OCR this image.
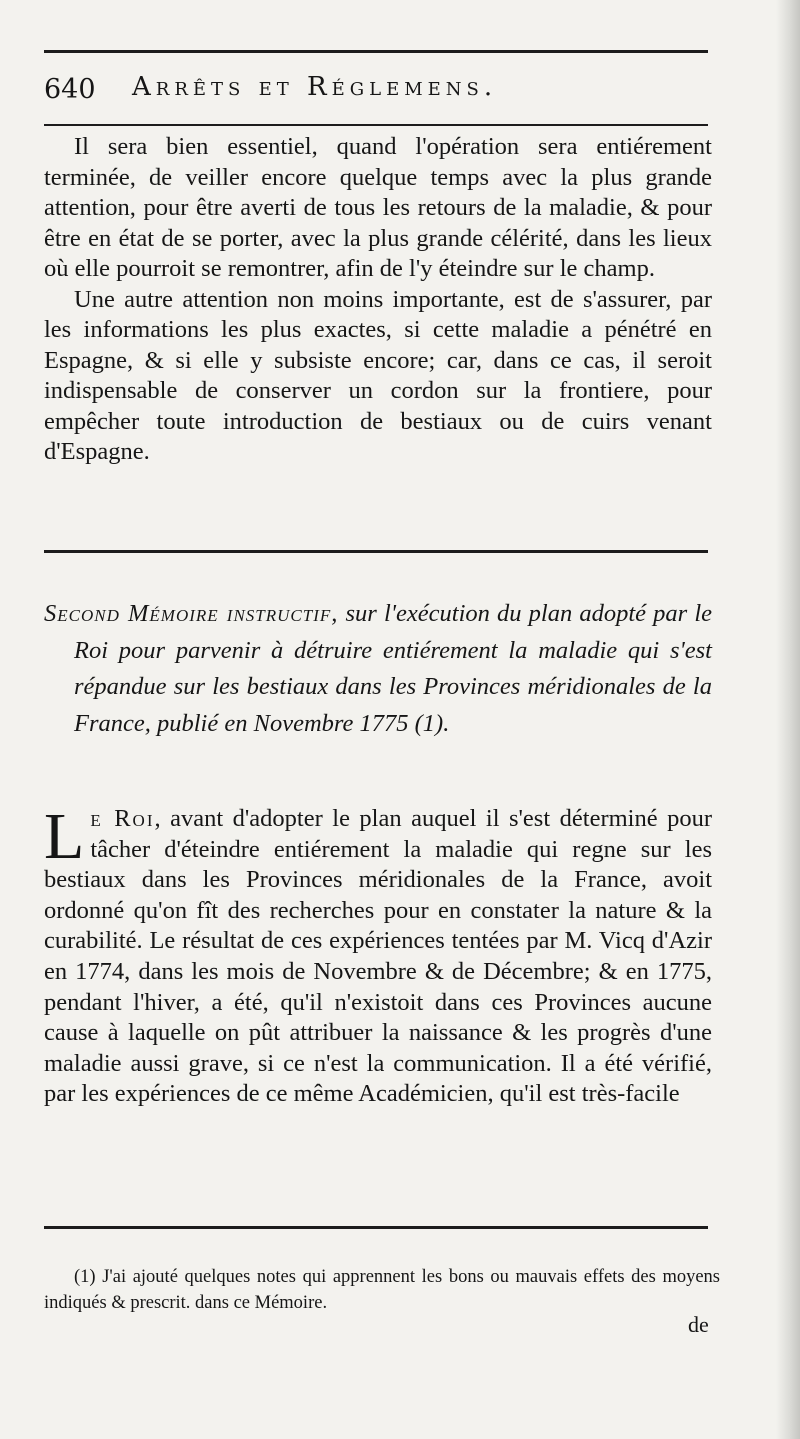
640 Arrêts et Réglemens.

Il sera bien essentiel, quand l'opération sera entiérement terminée, de veiller encore quelque temps avec la plus grande attention, pour être averti de tous les retours de la maladie, & pour être en état de se porter, avec la plus grande célérité, dans les lieux où elle pourroit se remontrer, afin de l'y éteindre sur le champ.

Une autre attention non moins importante, est de s'assurer, par les informations les plus exactes, si cette maladie a pénétré en Espagne, & si elle y subsiste encore; car, dans ce cas, il seroit indispensable de conserver un cordon sur la frontiere, pour empêcher toute introduction de bestiaux ou de cuirs venant d'Espagne.

Second Mémoire instructif, sur l'exécution du plan adopté par le Roi pour parvenir à détruire entiérement la maladie qui s'est répandue sur les bestiaux dans les Provinces méridionales de la France, publié en Novembre 1775 (1).

Le Roi, avant d'adopter le plan auquel il s'est déterminé pour tâcher d'éteindre entiérement la maladie qui regne sur les bestiaux dans les Provinces méridionales de la France, avoit ordonné qu'on fît des recherches pour en constater la nature & la curabilité. Le résultat de ces expériences tentées par M. Vicq d'Azir en 1774, dans les mois de Novembre & de Décembre; & en 1775, pendant l'hiver, a été, qu'il n'existoit dans ces Provinces aucune cause à laquelle on pût attribuer la naissance & les progrès d'une maladie aussi grave, si ce n'est la communication. Il a été vérifié, par les expériences de ce même Académicien, qu'il est très-facile

(1) J'ai ajouté quelques notes qui apprennent les bons ou mauvais effets des moyens indiqués & prescrit. dans ce Mémoire.

de
